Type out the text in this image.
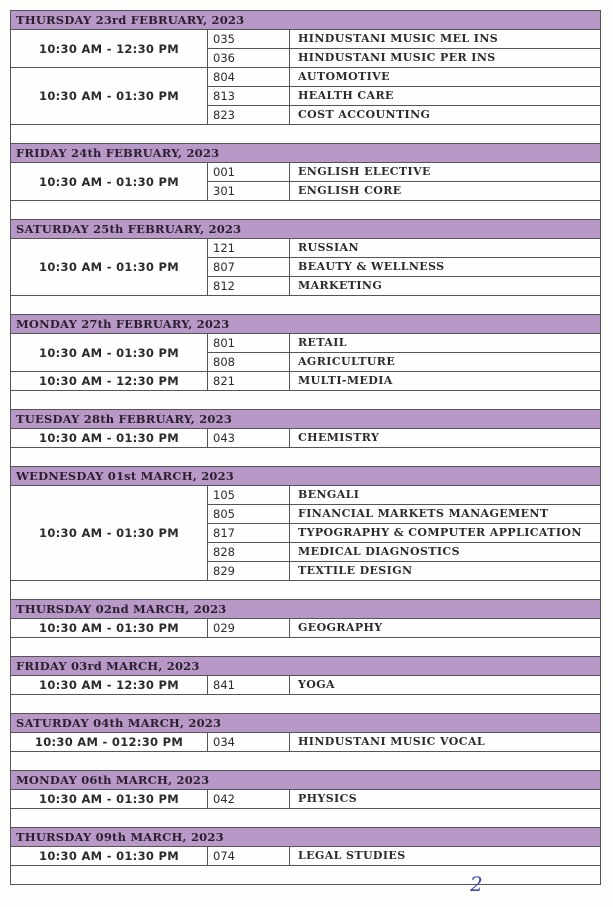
THURSDAY 23rd FEBRUARY, 2023
10:30 AM - 12:30 PM
035	HINDUSTANI MUSIC MEL INS
036	HINDUSTANI MUSIC PER INS
10:30 AM - 01:30 PM
804	AUTOMOTIVE
813	HEALTH CARE
823	COST ACCOUNTING
FRIDAY 24th FEBRUARY, 2023
10:30 AM - 01:30 PM
001	ENGLISH ELECTIVE
301	ENGLISH CORE
SATURDAY 25th FEBRUARY, 2023
10:30 AM - 01:30 PM
121	RUSSIAN
807	BEAUTY & WELLNESS
812	MARKETING
MONDAY 27th FEBRUARY, 2023
10:30 AM - 01:30 PM
801	RETAIL
808	AGRICULTURE
10:30 AM - 12:30 PM	821	MULTI-MEDIA
TUESDAY 28th FEBRUARY, 2023
10:30 AM - 01:30 PM	043	CHEMISTRY
WEDNESDAY 01st MARCH, 2023
10:30 AM - 01:30 PM
105	BENGALI
805	FINANCIAL MARKETS MANAGEMENT
817	TYPOGRAPHY & COMPUTER APPLICATION
828	MEDICAL DIAGNOSTICS
829	TEXTILE DESIGN
THURSDAY 02nd MARCH, 2023
10:30 AM - 01:30 PM	029	GEOGRAPHY
FRIDAY 03rd MARCH, 2023
10:30 AM - 12:30 PM	841	YOGA
SATURDAY 04th MARCH, 2023
10:30 AM - 012:30 PM	034	HINDUSTANI MUSIC VOCAL
MONDAY 06th MARCH, 2023
10:30 AM - 01:30 PM	042	PHYSICS
THURSDAY 09th MARCH, 2023
10:30 AM - 01:30 PM	074	LEGAL STUDIES
2
